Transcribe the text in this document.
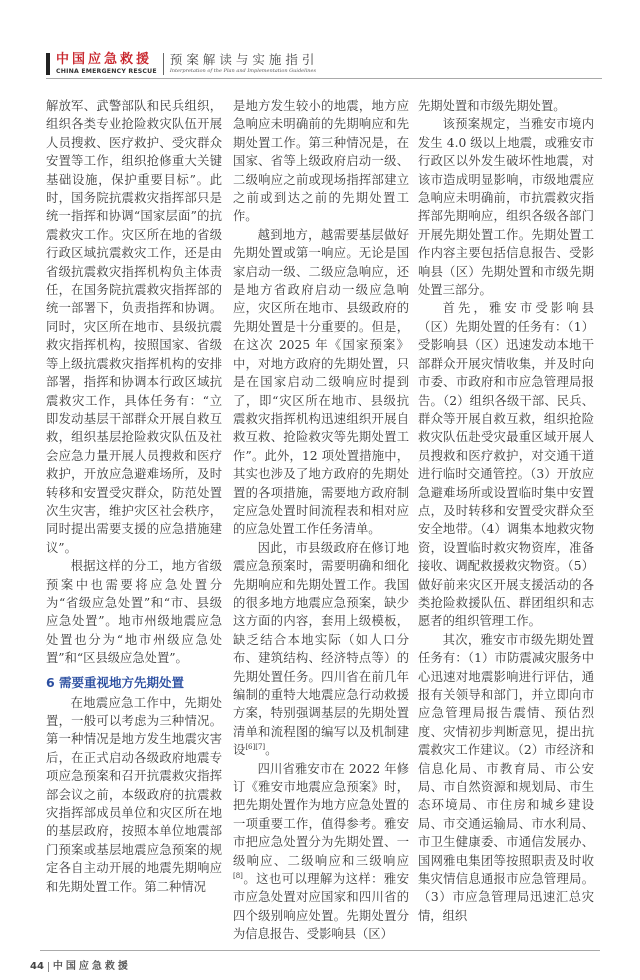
中国应急救援
CHINA EMERGENCY RESCUE
预案解读与实施指引
Interpretation of the Plan and Implementation Guidelines

解放军、武警部队和民兵组织，组织各类专业抢险救灾队伍开展人员搜救、医疗救护、受灾群众安置等工作，组织抢修重大关键基础设施，保护重要目标”。此时，国务院抗震救灾指挥部只是统一指挥和协调“国家层面”的抗震救灾工作。灾区所在地的省级行政区域抗震救灾工作，还是由省级抗震救灾指挥机构负主体责任，在国务院抗震救灾指挥部的统一部署下，负责指挥和协调。同时，灾区所在地市、县级抗震救灾指挥机构，按照国家、省级等上级抗震救灾指挥机构的安排部署，指挥和协调本行政区域抗震救灾工作，具体任务有：“立即发动基层干部群众开展自救互救，组织基层抢险救灾队伍及社会应急力量开展人员搜救和医疗救护，开放应急避难场所，及时转移和安置受灾群众，防范处置次生灾害，维护灾区社会秩序，同时提出需要支援的应急措施建议”。

根据这样的分工，地方省级预案中也需要将应急处置分为“省级应急处置”和“市、县级应急处置”。地市州级地震应急处置也分为“地市州级应急处置”和“区县级应急处置”。

6 需要重视地方先期处置

在地震应急工作中，先期处置，一般可以考虑为三种情况。第一种情况是地方发生地震灾害后，在正式启动各级政府地震专项应急预案和召开抗震救灾指挥部会议之前，本级政府的抗震救灾指挥部成员单位和灾区所在地的基层政府，按照本单位地震部门预案或基层地震应急预案的规定各自主动开展的地震先期响应和先期处置工作。第二种情况

是地方发生较小的地震，地方应急响应未明确前的先期响应和先期处置工作。第三种情况是，在国家、省等上级政府启动一级、二级响应之前或现场指挥部建立之前或到达之前的先期处置工作。

越到地方，越需要基层做好先期处置或第一响应。无论是国家启动一级、二级应急响应，还是地方省政府启动一级应急响应，灾区所在地市、县级政府的先期处置是十分重要的。但是，在这次 2025 年《国家预案》中，对地方政府的先期处置，只是在国家启动二级响应时提到了，即“灾区所在地市、县级抗震救灾指挥机构迅速组织开展自救互救、抢险救灾等先期处置工作”。此外，12 项处置措施中，其实也涉及了地方政府的先期处置的各项措施，需要地方政府制定应急处置时间流程表和相对应的应急处置工作任务清单。

因此，市县级政府在修订地震应急预案时，需要明确和细化先期响应和先期处置工作。我国的很多地方地震应急预案，缺少这方面的内容，套用上级模板，缺乏结合本地实际（如人口分布、建筑结构、经济特点等）的先期处置任务。四川省在前几年编制的重特大地震应急行动救援方案，特别强调基层的先期处置清单和流程图的编写以及机制建设[6][7]。

四川省雅安市在 2022 年修订《雅安市地震应急预案》时，把先期处置作为地方应急处置的一项重要工作，值得参考。雅安市把应急处置分为先期处置、一级响应、二级响应和三级响应[8]。这也可以理解为这样：雅安市应急处置对应国家和四川省的四个级别响应处置。先期处置分为信息报告、受影响县（区）

先期处置和市级先期处置。

该预案规定，当雅安市境内发生 4.0 级以上地震，或雅安市行政区以外发生破坏性地震，对该市造成明显影响，市级地震应急响应未明确前，市抗震救灾指挥部先期响应，组织各级各部门开展先期处置工作。先期处置工作内容主要包括信息报告、受影响县（区）先期处置和市级先期处置三部分。

首先，雅安市受影响县（区）先期处置的任务有：（1）受影响县（区）迅速发动本地干部群众开展灾情收集，并及时向市委、市政府和市应急管理局报告。（2）组织各级干部、民兵、群众等开展自救互救，组织抢险救灾队伍赴受灾最重区域开展人员搜救和医疗救护，对交通干道进行临时交通管控。（3）开放应急避难场所或设置临时集中安置点，及时转移和安置受灾群众至安全地带。（4）调集本地救灾物资，设置临时救灾物资库，准备接收、调配救援救灾物资。（5）做好前来灾区开展支援活动的各类抢险救援队伍、群团组织和志愿者的组织管理工作。

其次，雅安市市级先期处置任务有：（1）市防震减灾服务中心迅速对地震影响进行评估，通报有关领导和部门，并立即向市应急管理局报告震情、预估烈度、灾情初步判断意见，提出抗震救灾工作建议。（2）市经济和信息化局、市教育局、市公安局、市自然资源和规划局、市生态环境局、市住房和城乡建设局、市交通运输局、市水利局、市卫生健康委、市通信发展办、国网雅电集团等按照职责及时收集灾情信息通报市应急管理局。（3）市应急管理局迅速汇总灾情，组织

44 中国应急救援
